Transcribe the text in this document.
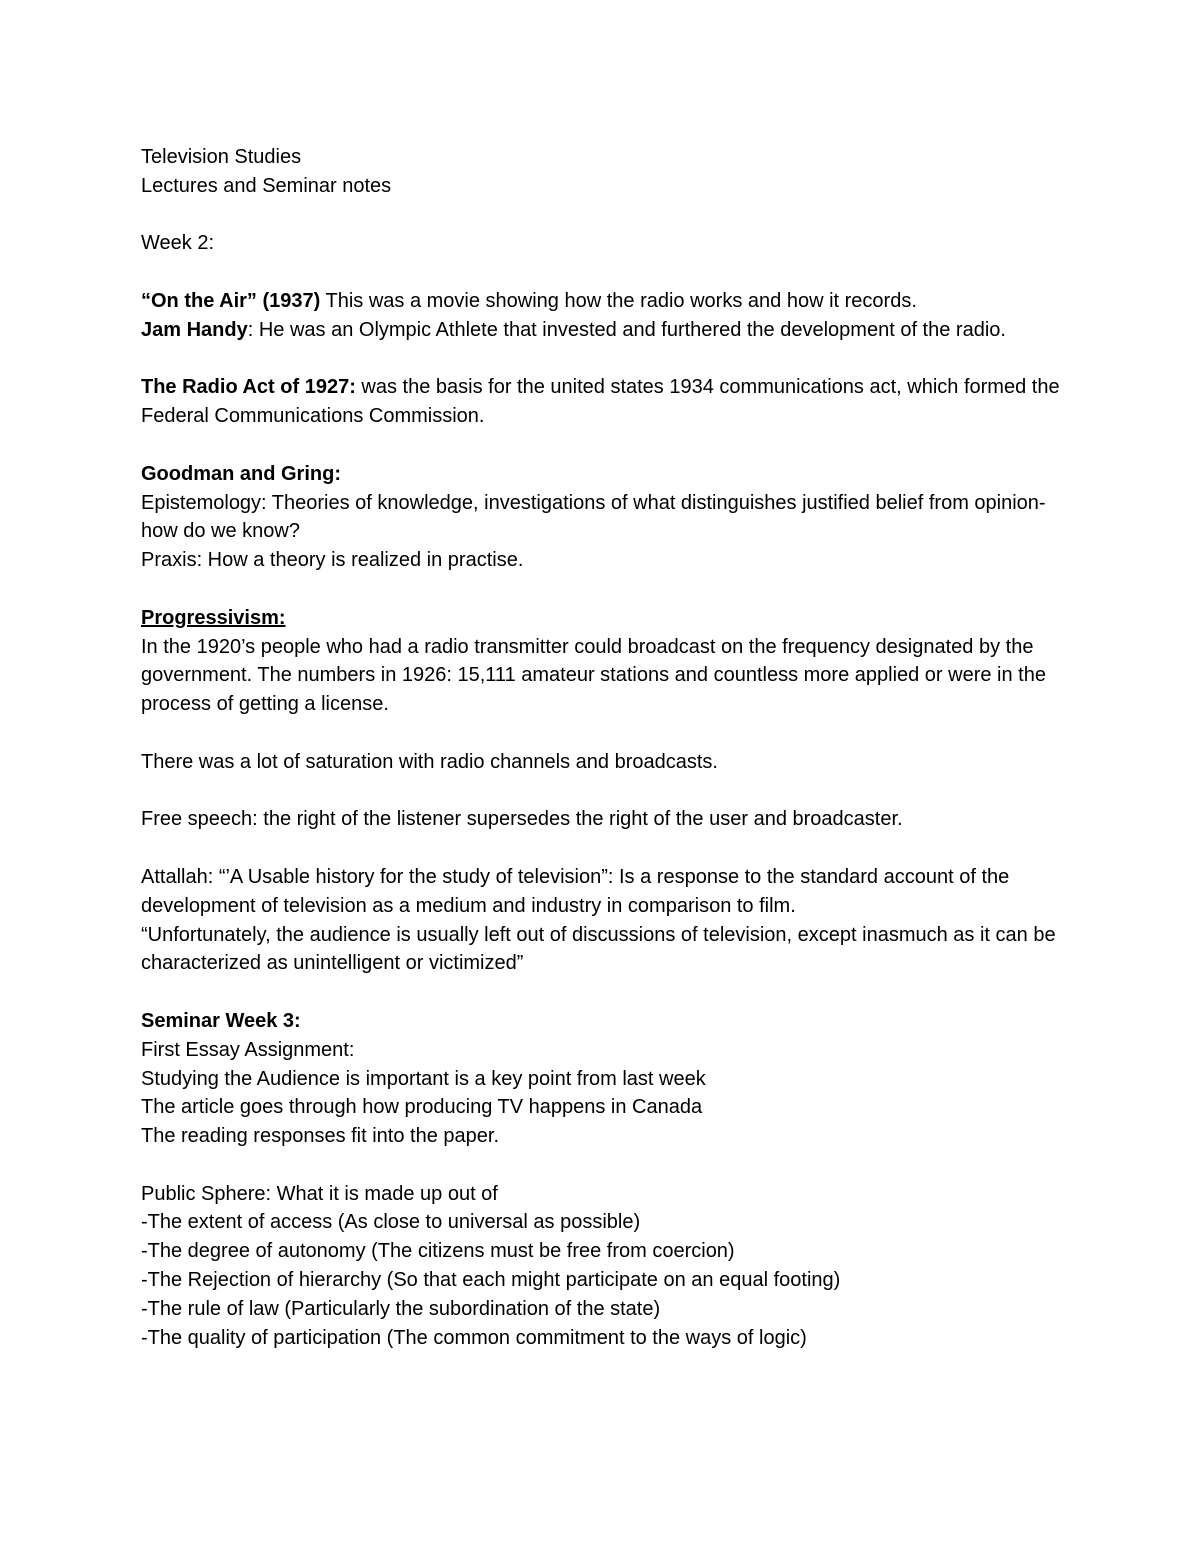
Television Studies

Lectures and Seminar notes

Week 2:

“On the Air” (1937) This was a movie showing how the radio works and how it records.

Jam Handy: He was an Olympic Athlete that invested and furthered the development of the radio.

The Radio Act of 1927: was the basis for the united states 1934 communications act, which formed the Federal Communications Commission.

Goodman and Gring:

Epistemology: Theories of knowledge, investigations of what distinguishes justified belief from opinion-how do we know?

Praxis: How a theory is realized in practise.

Progressivism:

In the 1920’s people who had a radio transmitter could broadcast on the frequency designated by the government. The numbers in 1926: 15,111 amateur stations and countless more applied or were in the process of getting a license.

There was a lot of saturation with radio channels and broadcasts.

Free speech: the right of the listener supersedes the right of the user and broadcaster.

Attallah: “’A Usable history for the study of television”: Is a response to the standard account of the development of television as a medium and industry in comparison to film.

“Unfortunately, the audience is usually left out of discussions of television, except inasmuch as it can be characterized as unintelligent or victimized”

Seminar Week 3:

First Essay Assignment:

Studying the Audience is important is a key point from last week

The article goes through how producing TV happens in Canada

The reading responses fit into the paper.

Public Sphere: What it is made up out of

-The extent of access (As close to universal as possible)

-The degree of autonomy (The citizens must be free from coercion)

-The Rejection of hierarchy (So that each might participate on an equal footing)

-The rule of law (Particularly the subordination of the state)

-The quality of participation (The common commitment to the ways of logic)
